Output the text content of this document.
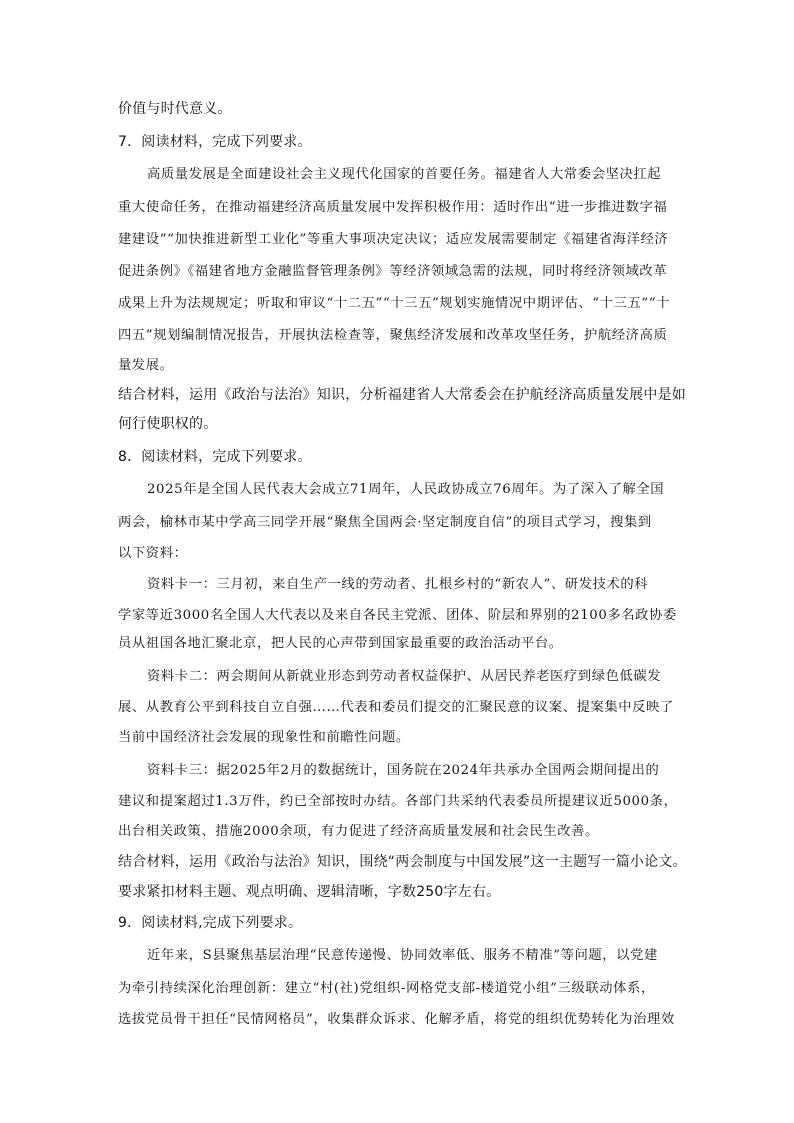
价值与时代意义。
7．阅读材料，完成下列要求。
高质量发展是全面建设社会主义现代化国家的首要任务。福建省人大常委会坚决扛起
重大使命任务，在推动福建经济高质量发展中发挥积极作用：适时作出“进一步推进数字福
建建设”“加快推进新型工业化”等重大事项决定决议；适应发展需要制定《福建省海洋经济
促进条例》《福建省地方金融监督管理条例》等经济领域急需的法规，同时将经济领域改革
成果上升为法规规定；听取和审议“十二五”“十三五”规划实施情况中期评估、“十三五”“十
四五”规划编制情况报告，开展执法检查等，聚焦经济发展和改革攻坚任务，护航经济高质
量发展。
结合材料，运用《政治与法治》知识，分析福建省人大常委会在护航经济高质量发展中是如
何行使职权的。
8．阅读材料，完成下列要求。
2025年是全国人民代表大会成立71周年，人民政协成立76周年。为了深入了解全国
两会，榆林市某中学高三同学开展“聚焦全国两会·坚定制度自信”的项目式学习，搜集到
以下资料：
资料卡一：三月初，来自生产一线的劳动者、扎根乡村的“新农人”、研发技术的科
学家等近3000名全国人大代表以及来自各民主党派、团体、阶层和界别的2100多名政协委
员从祖国各地汇聚北京，把人民的心声带到国家最重要的政治活动平台。
资料卡二：两会期间从新就业形态到劳动者权益保护、从居民养老医疗到绿色低碳发
展、从教育公平到科技自立自强……代表和委员们提交的汇聚民意的议案、提案集中反映了
当前中国经济社会发展的现象性和前瞻性问题。
资料卡三：据2025年2月的数据统计，国务院在2024年共承办全国两会期间提出的
建议和提案超过1.3万件，约已全部按时办结。各部门共采纳代表委员所提建议近5000条，
出台相关政策、措施2000余项，有力促进了经济高质量发展和社会民生改善。
结合材料，运用《政治与法治》知识，围绕“两会制度与中国发展”这一主题写一篇小论文。
要求紧扣材料主题、观点明确、逻辑清晰，字数250字左右。
9．阅读材料,完成下列要求。
近年来，S县聚焦基层治理“民意传递慢、协同效率低、服务不精准”等问题，以党建
为牵引持续深化治理创新：建立“村(社)党组织-网格党支部-楼道党小组”三级联动体系，
选拔党员骨干担任“民情网格员”，收集群众诉求、化解矛盾，将党的组织优势转化为治理效
